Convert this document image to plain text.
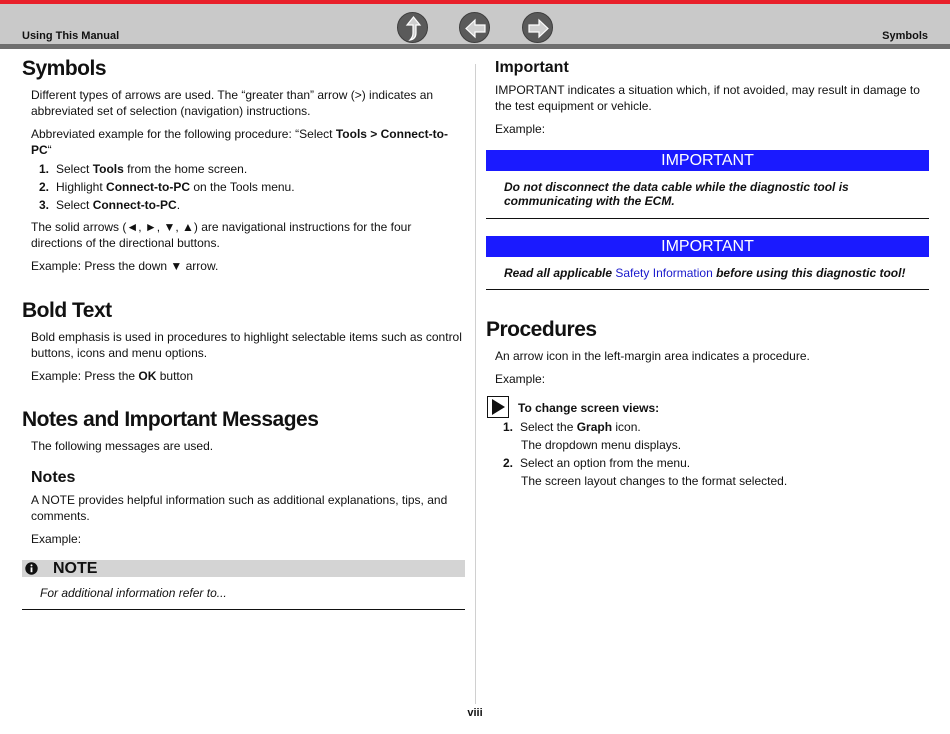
Using This Manual	Symbols
Symbols

Different types of arrows are used. The “greater than” arrow (>) indicates an abbreviated set of selection (navigation) instructions.

Abbreviated example for the following procedure: “Select Tools > Connect-to-PC“

1. Select Tools from the home screen.
2. Highlight Connect-to-PC on the Tools menu.
3. Select Connect-to-PC.

The solid arrows (◄, ►, ▼, ▲) are navigational instructions for the four directions of the directional buttons.

Example: Press the down ▼ arrow.

Bold Text

Bold emphasis is used in procedures to highlight selectable items such as control buttons, icons and menu options.

Example: Press the OK button

Notes and Important Messages

The following messages are used.

Notes

A NOTE provides helpful information such as additional explanations, tips, and comments.

Example:

NOTE

For additional information refer to...

Important

IMPORTANT indicates a situation which, if not avoided, may result in damage to the test equipment or vehicle.

Example:

IMPORTANT

Do not disconnect the data cable while the diagnostic tool is communicating with the ECM.

IMPORTANT

Read all applicable Safety Information before using this diagnostic tool!

Procedures

An arrow icon in the left-margin area indicates a procedure.

Example:

To change screen views:
1. Select the Graph icon.
The dropdown menu displays.
2. Select an option from the menu.
The screen layout changes to the format selected.
viii
